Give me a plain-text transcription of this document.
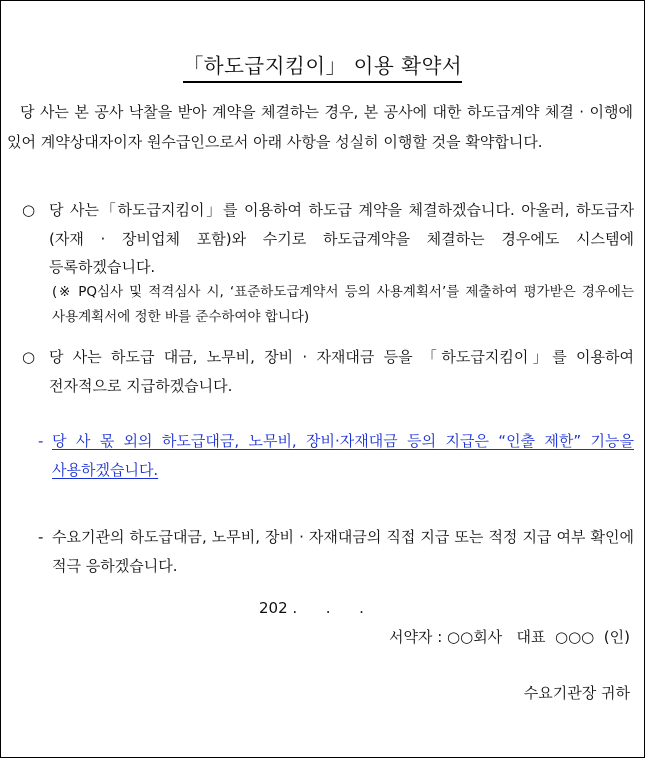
「하도급지킴이」 이용 확약서
당 사는 본 공사 낙찰을 받아 계약을 체결하는 경우, 본 공사에 대한 하도급계약 체결 · 이행에 있어 계약상대자이자 원수급인으로서 아래 사항을 성실히 이행할 것을 확약합니다.
○ 당 사는「하도급지킴이」를 이용하여 하도급 계약을 체결하겠습니다. 아울러, 하도급자(자재 · 장비업체 포함)와 수기로 하도급계약을 체결하는 경우에도 시스템에 등록하겠습니다.
(※ PQ심사 및 적격심사 시, ‘표준하도급계약서 등의 사용계획서’를 제출하여 평가받은 경우에는 사용계획서에 정한 바를 준수하여야 합니다)
○ 당 사는 하도급 대금, 노무비, 장비 · 자재대금 등을 「하도급지킴이」를 이용하여 전자적으로 지급하겠습니다.
- 당 사 몫 외의 하도급대금, 노무비, 장비·자재대금 등의 지급은 “인출 제한” 기능을 사용하겠습니다.
- 수요기관의 하도급대금, 노무비, 장비 · 자재대금의 직접 지급 또는 적정 지급 여부 확인에 적극 응하겠습니다.
202 .      .      .
서약자 : ○○회사   대표  ○○○  (인)
수요기관장 귀하
